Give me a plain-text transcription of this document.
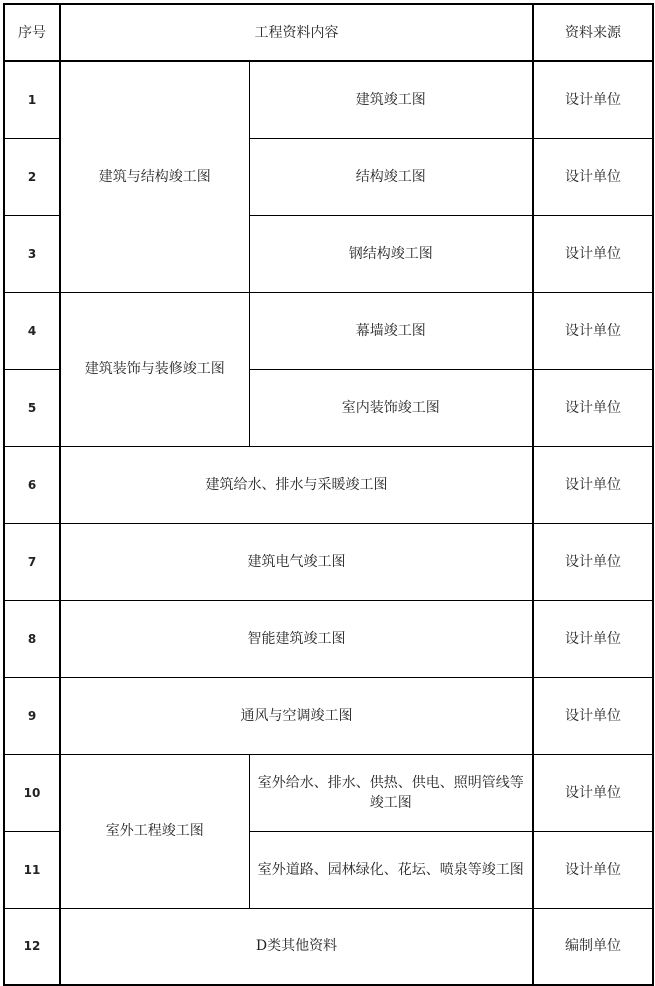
序号	工程资料内容		资料来源
1	建筑与结构竣工图	建筑竣工图	设计单位
2		结构竣工图	设计单位
3		钢结构竣工图	设计单位
4	建筑装饰与装修竣工图	幕墙竣工图	设计单位
5		室内装饰竣工图	设计单位
6	建筑给水、排水与采暖竣工图		设计单位
7	建筑电气竣工图		设计单位
8	智能建筑竣工图		设计单位
9	通风与空调竣工图		设计单位
10	室外工程竣工图	室外给水、排水、供热、供电、照明管线等竣工图	设计单位
11		室外道路、园林绿化、花坛、喷泉等竣工图	设计单位
12	D类其他资料		编制单位
